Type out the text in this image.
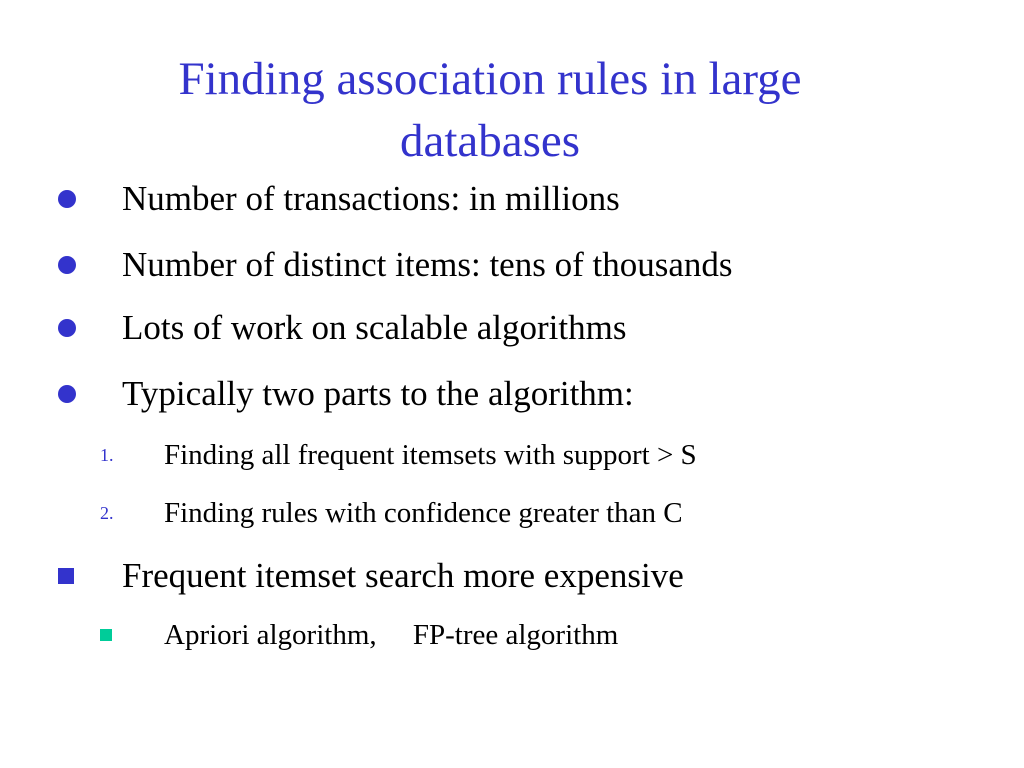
Finding association rules in large
databases
Number of transactions: in millions
Number of distinct items: tens of thousands
Lots of work on scalable algorithms
Typically two parts to the algorithm:
1. Finding all frequent itemsets with support > S
2. Finding rules with confidence greater than C
Frequent itemset search more expensive
Apriori algorithm,     FP-tree algorithm
